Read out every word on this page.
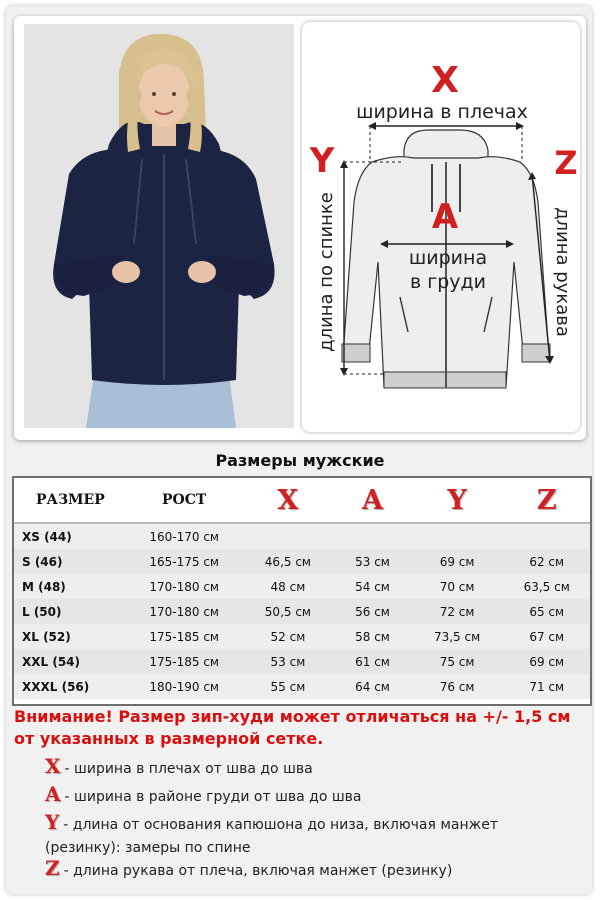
X
ширина в плечах
Y	Z
A
ширина
в груди
длина по спинке	длина рукава
Размеры мужские
РАЗМЕР	РОСТ	X	A	Y	Z

XS (44)	160-170 см				
S (46)	165-175 см	46,5 см	53 см	69 см	62 см
M (48)	170-180 см	48 см	54 см	70 см	63,5 см
L (50)	170-180 см	50,5 см	56 см	72 см	65 см
XL (52)	175-185 см	52 см	58 см	73,5 см	67 см
XXL (54)	175-185 см	53 см	61 см	75 см	69 см
XXXL (56)	180-190 см	55 см	64 см	76 см	71 см
Внимание! Размер зип-худи может отличаться на +/- 1,5 см от указанных в размерной сетке.
X - ширина в плечах от шва до шва
A - ширина в районе груди от шва до шва
Y - длина от основания капюшона до низа, включая манжет (резинку): замеры по спине
Z - длина рукава от плеча, включая манжет (резинку)
